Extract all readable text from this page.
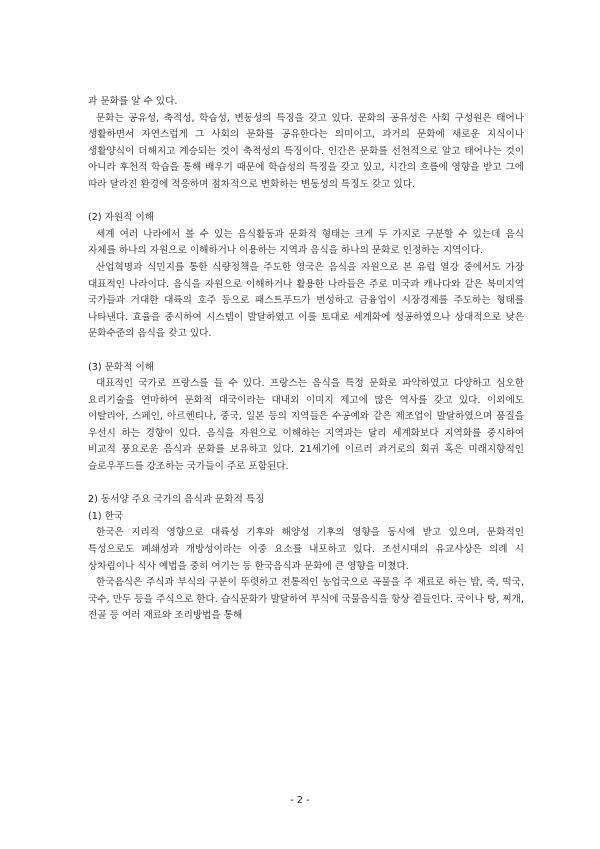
과 문화를 알 수 있다.

문화는 공유성, 축적성, 학습성, 변동성의 특징을 갖고 있다. 문화의 공유성은 사회 구성원은 태어나 생활하면서 자연스럽게 그 사회의 문화를 공유한다는 의미이고, 과거의 문화에 새로운 지식이나 생활양식이 더해지고 계승되는 것이 축적성의 특징이다. 인간은 문화를 선천적으로 알고 태어나는 것이 아니라 후천적 학습을 통해 배우기 때문에 학습성의 특징을 갖고 있고, 시간의 흐름에 영향을 받고 그에 따라 달라진 환경에 적응하며 점차적으로 변화하는 변동성의 특징도 갖고 있다.

(2) 자원적 이해

세계 여러 나라에서 볼 수 있는 음식활동과 문화적 형태는 크게 두 가지로 구분할 수 있는데 음식 자체를 하나의 자원으로 이해하거나 이용하는 지역과 음식을 하나의 문화로 인정하는 지역이다.

산업혁명과 식민지를 통한 식량정책을 주도한 영국은 음식을 자원으로 본 유럽 열강 중에서도 가장 대표적인 나라이다. 음식을 자원으로 이해하거나 활용한 나라들은 주로 미국과 캐나다와 같은 북미지역 국가들과 거대한 대륙의 호주 등으로 패스트푸드가 번성하고 금융업이 시장경제를 주도하는 형태를 나타낸다. 효율을 중시하여 시스템이 발달하였고 이를 토대로 세계화에 성공하였으나 상대적으로 낮은 문화수준의 음식을 갖고 있다.

(3) 문화적 이해

대표적인 국가로 프랑스를 들 수 있다. 프랑스는 음식을 특정 문화로 파악하였고 다양하고 심오한 요리기술을 연마하여 문화적 대국이라는 대내외 이미지 제고에 많은 역사를 갖고 있다. 이외에도 이탈리아, 스페인, 아르헨티나, 중국, 일본 등의 지역들은 수공예와 같은 제조업이 발달하였으며 품질을 우선시 하는 경향이 있다. 음식을 자원으로 이해하는 지역과는 달리 세계화보다 지역화를 중시하여 비교적 풍요로운 음식과 문화를 보유하고 있다. 21세기에 이르러 과거로의 회귀 혹은 미래지향적인 슬로우푸드를 강조하는 국가들이 주로 포함된다.

2) 동서양 주요 국가의 음식과 문화적 특징

(1) 한국

한국은 지리적 영향으로 대륙성 기후와 해양성 기후의 영향을 동시에 받고 있으며, 문화적인 특성으로도 폐쇄성과 개방성이라는 이중 요소를 내포하고 있다. 조선시대의 유교사상은 의례 시 상차림이나 식사 예법을 중히 여기는 등 한국음식과 문화에 큰 영향을 미쳤다.

한국음식은 주식과 부식의 구분이 뚜렷하고 전통적인 농업국으로 곡물을 주 재료로 하는 밥, 죽, 떡국, 국수, 만두 등을 주식으로 한다. 습식문화가 발달하여 부식에 국물음식을 항상 곁들인다. 국이나 탕, 찌개, 전골 등 여러 재료와 조리방법을 통해

- 2 -
